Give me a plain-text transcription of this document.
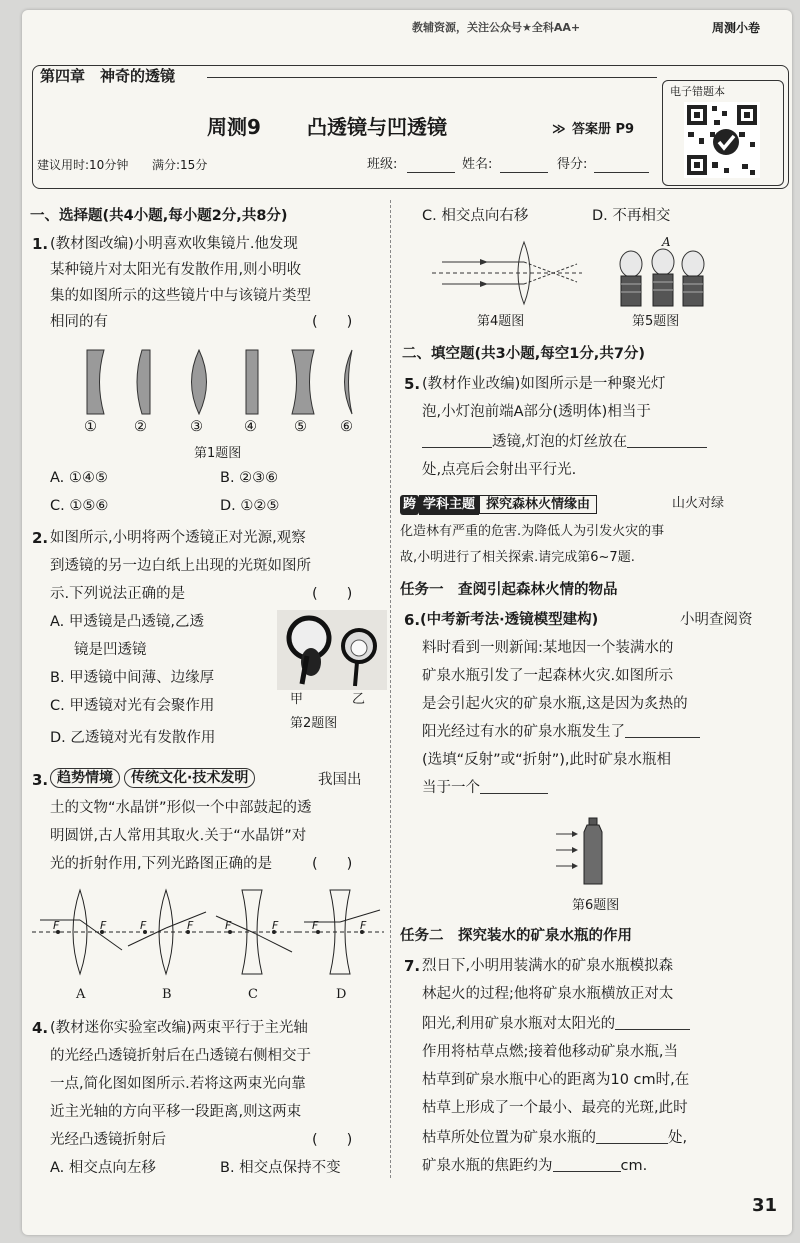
教辅资源，关注公众号★全科AA+	周测小卷
第四章　神奇的透镜
周测9 凸透镜与凹透镜	≫ 答案册 P9
电子错题本
建议用时:10分钟 满分:15分	班级:	姓名:	得分:
一、选择题(共4小题,每小题2分,共8分)
1. (教材图改编)小明喜欢收集镜片.他发现
某种镜片对太阳光有发散作用,则小明收
集的如图所示的这些镜片中与该镜片类型
相同的有	(　　)
①	②	③	④	⑤ ⑥
第1题图
A. ①④⑤	B. ②③⑥
C. ①⑤⑥	D. ①②⑤
2. 如图所示,小明将两个透镜正对光源,观察
到透镜的另一边白纸上出现的光斑如图所
示.下列说法正确的是	(　　)
A. 甲透镜是凸透镜,乙透
镜是凹透镜
B. 甲透镜中间薄、边缘厚
C. 甲透镜对光有会聚作用
D. 乙透镜对光有发散作用
甲	乙
第2题图
3. 趋势情境 传统文化·技术发明	我国出
土的文物“水晶饼”形似一个中部鼓起的透
明圆饼,古人常用其取火.关于“水晶饼”对
光的折射作用,下列光路图正确的是	(　　)
F	F	F	F	F	F	F	F
A	B	C	D
4. (教材迷你实验室改编)两束平行于主光轴
的光经凸透镜折射后在凸透镜右侧相交于
一点,简化图如图所示.若将这两束光向靠
近主光轴的方向平移一段距离,则这两束
光经凸透镜折射后	(　　)
A. 相交点向左移	B. 相交点保持不变
C. 相交点向右移	D. 不再相交
第4题图
A
第5题图
二、填空题(共3小题,每空1分,共7分)
5. (教材作业改编)如图所示是一种聚光灯
泡,小灯泡前端A部分(透明体)相当于
透镜,灯泡的灯丝放在
处,点亮后会射出平行光.
跨 学科主题 探究森林火情缘由	山火对绿
化造林有严重的危害.为降低人为引发火灾的事
故,小明进行了相关探索.请完成第6~7题.
任务一　查阅引起森林火情的物品
6. (中考新考法·透镜模型建构)	小明查阅资
料时看到一则新闻:某地因一个装满水的
矿泉水瓶引发了一起森林火灾.如图所示
是会引起火灾的矿泉水瓶,这是因为炙热的
阳光经过有水的矿泉水瓶发生了
(选填“反射”或“折射”),此时矿泉水瓶相
当于一个
第6题图
任务二　探究装水的矿泉水瓶的作用
7. 烈日下,小明用装满水的矿泉水瓶模拟森
林起火的过程;他将矿泉水瓶横放正对太
阳光,利用矿泉水瓶对太阳光的
作用将枯草点燃;接着他移动矿泉水瓶,当
枯草到矿泉水瓶中心的距离为10 cm时,在
枯草上形成了一个最小、最亮的光斑,此时
枯草所处位置为矿泉水瓶的	处,
矿泉水瓶的焦距约为	cm.
31
